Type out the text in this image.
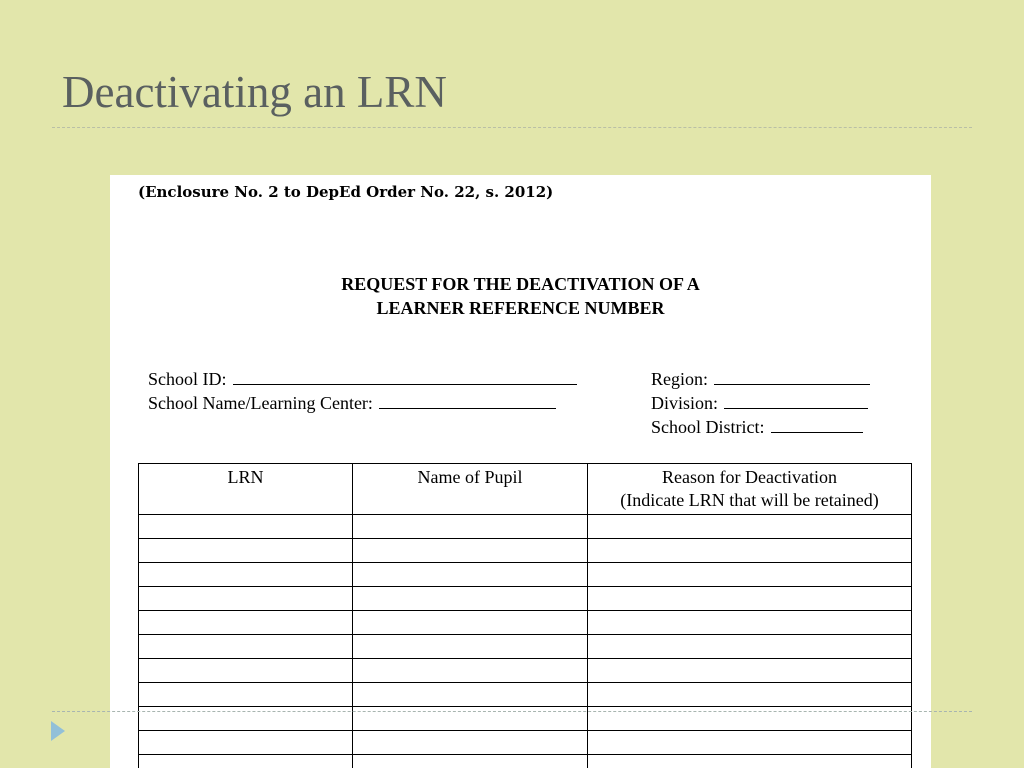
Deactivating an LRN
(Enclosure No. 2 to DepEd Order No. 22, s. 2012)
REQUEST FOR THE DEACTIVATION OF A
LEARNER REFERENCE NUMBER
School ID:
School Name/Learning Center:
Region:
Division:
School District:
LRN	Name of Pupil	Reason for Deactivation
(Indicate LRN that will be retained)
